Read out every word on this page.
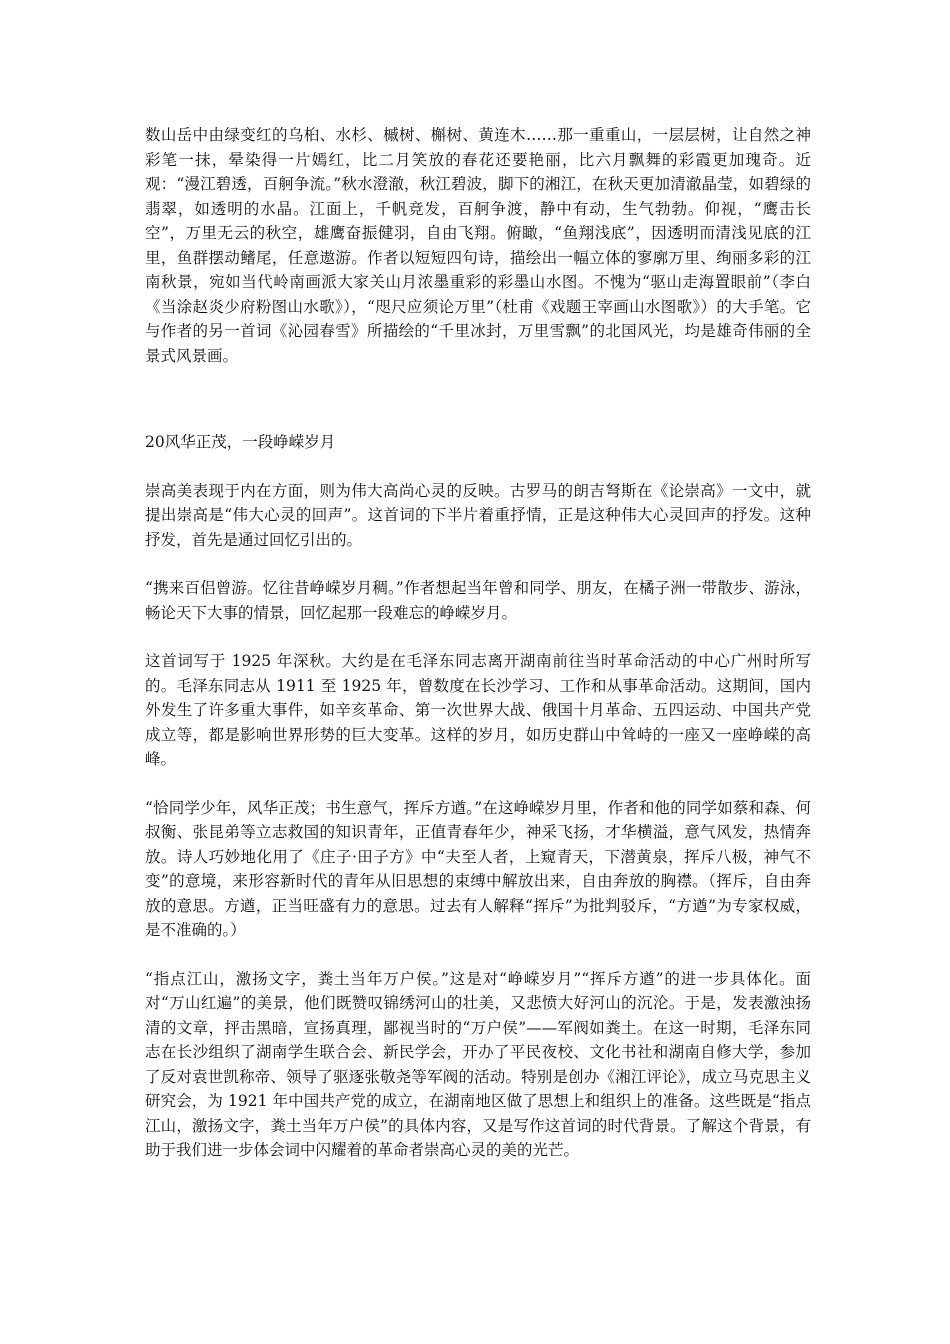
数山岳中由绿变红的乌桕、水杉、槭树、槲树、黄连木……那一重重山，一层层树，让自然之神彩笔一抹，晕染得一片嫣红，比二月笑放的春花还要艳丽，比六月飘舞的彩霞更加瑰奇。近观：“漫江碧透，百舸争流。”秋水澄澈，秋江碧波，脚下的湘江，在秋天更加清澈晶莹，如碧绿的翡翠，如透明的水晶。江面上，千帆竞发，百舸争渡，静中有动，生气勃勃。仰视，“鹰击长空”，万里无云的秋空，雄鹰奋振健羽，自由飞翔。俯瞰，“鱼翔浅底”，因透明而清浅见底的江里，鱼群摆动鳍尾，任意遨游。作者以短短四句诗，描绘出一幅立体的寥廓万里、绚丽多彩的江南秋景，宛如当代岭南画派大家关山月浓墨重彩的彩墨山水图。不愧为“驱山走海置眼前”（李白《当涂赵炎少府粉图山水歌》），“咫尺应须论万里”（杜甫《戏题王宰画山水图歌》）的大手笔。它与作者的另一首词《沁园春雪》所描绘的“千里冰封，万里雪飘”的北国风光，均是雄奇伟丽的全景式风景画。

20风华正茂，一段峥嵘岁月

崇高美表现于内在方面，则为伟大高尚心灵的反映。古罗马的朗吉弩斯在《论崇高》一文中，就提出崇高是“伟大心灵的回声”。这首词的下半片着重抒情，正是这种伟大心灵回声的抒发。这种抒发，首先是通过回忆引出的。

“携来百侣曾游。忆往昔峥嵘岁月稠。”作者想起当年曾和同学、朋友，在橘子洲一带散步、游泳，畅论天下大事的情景，回忆起那一段难忘的峥嵘岁月。

这首词写于 1925 年深秋。大约是在毛泽东同志离开湖南前往当时革命活动的中心广州时所写的。毛泽东同志从 1911 至 1925 年，曾数度在长沙学习、工作和从事革命活动。这期间，国内外发生了许多重大事件，如辛亥革命、第一次世界大战、俄国十月革命、五四运动、中国共产党成立等，都是影响世界形势的巨大变革。这样的岁月，如历史群山中耸峙的一座又一座峥嵘的高峰。

“恰同学少年，风华正茂；书生意气，挥斥方遒。”在这峥嵘岁月里，作者和他的同学如蔡和森、何叔衡、张昆弟等立志救国的知识青年，正值青春年少，神采飞扬，才华横溢，意气风发，热情奔放。诗人巧妙地化用了《庄子·田子方》中“夫至人者，上窥青天，下潜黄泉，挥斥八极，神气不变”的意境，来形容新时代的青年从旧思想的束缚中解放出来，自由奔放的胸襟。（挥斥，自由奔放的意思。方遒，正当旺盛有力的意思。过去有人解释“挥斥”为批判驳斥，“方遒”为专家权威，是不准确的。）

“指点江山，激扬文字，粪土当年万户侯。”这是对“峥嵘岁月”“挥斥方遒”的进一步具体化。面对“万山红遍”的美景，他们既赞叹锦绣河山的壮美，又悲愤大好河山的沉沦。于是，发表激浊扬清的文章，抨击黑暗，宣扬真理，鄙视当时的“万户侯”——军阀如粪土。在这一时期，毛泽东同志在长沙组织了湖南学生联合会、新民学会，开办了平民夜校、文化书社和湖南自修大学，参加了反对袁世凯称帝、领导了驱逐张敬尧等军阀的活动。特别是创办《湘江评论》，成立马克思主义研究会，为 1921 年中国共产党的成立，在湖南地区做了思想上和组织上的准备。这些既是“指点江山，激扬文字，粪土当年万户侯”的具体内容，又是写作这首词的时代背景。了解这个背景，有助于我们进一步体会词中闪耀着的革命者崇高心灵的美的光芒。
